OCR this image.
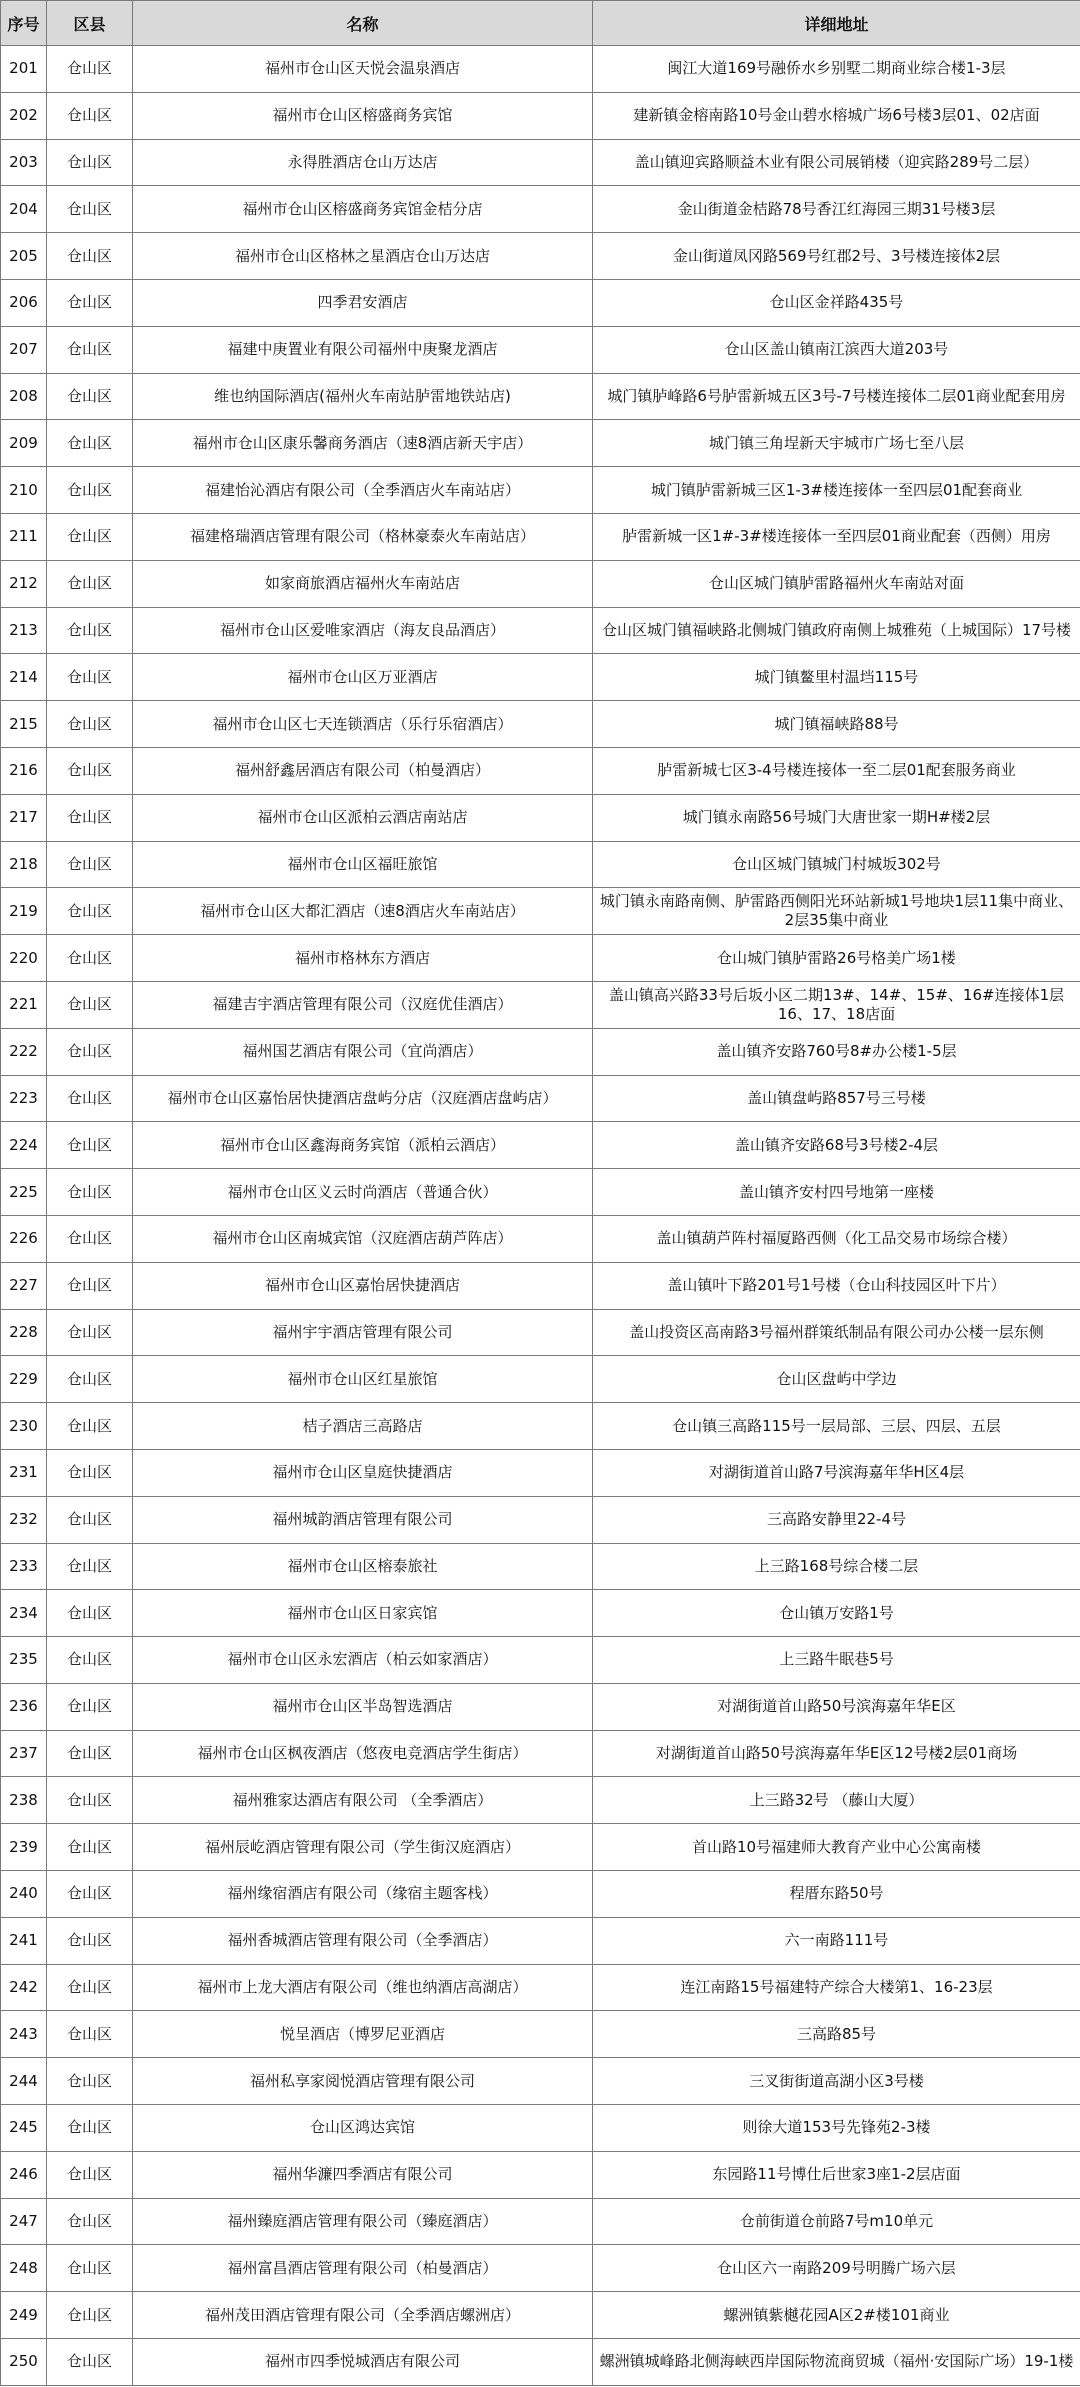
序号	区县	名称	详细地址
201	仓山区	福州市仓山区天悦会温泉酒店	闽江大道169号融侨水乡别墅二期商业综合楼1-3层
202	仓山区	福州市仓山区榕盛商务宾馆	建新镇金榕南路10号金山碧水榕城广场6号楼3层01、02店面
203	仓山区	永得胜酒店仓山万达店	盖山镇迎宾路顺益木业有限公司展销楼（迎宾路289号二层）
204	仓山区	福州市仓山区榕盛商务宾馆金桔分店	金山街道金桔路78号香江红海园三期31号楼3层
205	仓山区	福州市仓山区格林之星酒店仓山万达店	金山街道凤冈路569号红郡2号、3号楼连接体2层
206	仓山区	四季君安酒店	仓山区金祥路435号
207	仓山区	福建中庚置业有限公司福州中庚聚龙酒店	仓山区盖山镇南江滨西大道203号
208	仓山区	维也纳国际酒店(福州火车南站胪雷地铁站店)	城门镇胪峰路6号胪雷新城五区3号-7号楼连接体二层01商业配套用房
209	仓山区	福州市仓山区康乐馨商务酒店（速8酒店新天宇店）	城门镇三角埕新天宇城市广场七至八层
210	仓山区	福建怡沁酒店有限公司（全季酒店火车南站店）	城门镇胪雷新城三区1-3#楼连接体一至四层01配套商业
211	仓山区	福建格瑞酒店管理有限公司（格林豪泰火车南站店）	胪雷新城一区1#-3#楼连接体一至四层01商业配套（西侧）用房
212	仓山区	如家商旅酒店福州火车南站店	仓山区城门镇胪雷路福州火车南站对面
213	仓山区	福州市仓山区爱唯家酒店（海友良品酒店）	仓山区城门镇福峡路北侧城门镇政府南侧上城雅苑（上城国际）17号楼
214	仓山区	福州市仓山区万亚酒店	城门镇鳌里村温垱115号
215	仓山区	福州市仓山区七天连锁酒店（乐行乐宿酒店）	城门镇福峡路88号
216	仓山区	福州舒鑫居酒店有限公司（柏曼酒店）	胪雷新城七区3-4号楼连接体一至二层01配套服务商业
217	仓山区	福州市仓山区派柏云酒店南站店	城门镇永南路56号城门大唐世家一期H#楼2层
218	仓山区	福州市仓山区福旺旅馆	仓山区城门镇城门村城坂302号
219	仓山区	福州市仓山区大都汇酒店（速8酒店火车南站店）	城门镇永南路南侧、胪雷路西侧阳光环站新城1号地块1层11集中商业、2层35集中商业
220	仓山区	福州市格林东方酒店	仓山城门镇胪雷路26号格美广场1楼
221	仓山区	福建吉宇酒店管理有限公司（汉庭优佳酒店）	盖山镇高兴路33号后坂小区二期13#、14#、15#、16#连接体1层16、17、18店面
222	仓山区	福州国艺酒店有限公司（宜尚酒店）	盖山镇齐安路760号8#办公楼1-5层
223	仓山区	福州市仓山区嘉怡居快捷酒店盘屿分店（汉庭酒店盘屿店）	盖山镇盘屿路857号三号楼
224	仓山区	福州市仓山区鑫海商务宾馆（派柏云酒店）	盖山镇齐安路68号3号楼2-4层
225	仓山区	福州市仓山区义云时尚酒店（普通合伙）	盖山镇齐安村四号地第一座楼
226	仓山区	福州市仓山区南城宾馆（汉庭酒店葫芦阵店）	盖山镇葫芦阵村福厦路西侧（化工品交易市场综合楼）
227	仓山区	福州市仓山区嘉怡居快捷酒店	盖山镇叶下路201号1号楼（仓山科技园区叶下片）
228	仓山区	福州宇宇酒店管理有限公司	盖山投资区高南路3号福州群策纸制品有限公司办公楼一层东侧
229	仓山区	福州市仓山区红星旅馆	仓山区盘屿中学边
230	仓山区	桔子酒店三高路店	仓山镇三高路115号一层局部、三层、四层、五层
231	仓山区	福州市仓山区皇庭快捷酒店	对湖街道首山路7号滨海嘉年华H区4层
232	仓山区	福州城韵酒店管理有限公司	三高路安静里22-4号
233	仓山区	福州市仓山区榕泰旅社	上三路168号综合楼二层
234	仓山区	福州市仓山区日家宾馆	仓山镇万安路1号
235	仓山区	福州市仓山区永宏酒店（柏云如家酒店）	上三路牛眠巷5号
236	仓山区	福州市仓山区半岛智选酒店	对湖街道首山路50号滨海嘉年华E区
237	仓山区	福州市仓山区枫夜酒店（悠夜电竞酒店学生街店）	对湖街道首山路50号滨海嘉年华E区12号楼2层01商场
238	仓山区	福州雅家达酒店有限公司 （全季酒店）	上三路32号 （藤山大厦）
239	仓山区	福州辰屹酒店管理有限公司（学生街汉庭酒店）	首山路10号福建师大教育产业中心公寓南楼
240	仓山区	福州缘宿酒店有限公司（缘宿主题客栈）	程厝东路50号
241	仓山区	福州香城酒店管理有限公司（全季酒店）	六一南路111号
242	仓山区	福州市上龙大酒店有限公司（维也纳酒店高湖店）	连江南路15号福建特产综合大楼第1、16-23层
243	仓山区	悦呈酒店（博罗尼亚酒店	三高路85号
244	仓山区	福州私享家阅悦酒店管理有限公司	三叉街街道高湖小区3号楼
245	仓山区	仓山区鸿达宾馆	则徐大道153号先锋苑2-3楼
246	仓山区	福州华濂四季酒店有限公司	东园路11号博仕后世家3座1-2层店面
247	仓山区	福州臻庭酒店管理有限公司（臻庭酒店）	仓前街道仓前路7号m10单元
248	仓山区	福州富昌酒店管理有限公司（柏曼酒店）	仓山区六一南路209号明腾广场六层
249	仓山区	福州茂田酒店管理有限公司（全季酒店螺洲店）	螺洲镇紫樾花园A区2#楼101商业
250	仓山区	福州市四季悦城酒店有限公司	螺洲镇城峰路北侧海峡西岸国际物流商贸城（福州·安国际广场）19-1楼
